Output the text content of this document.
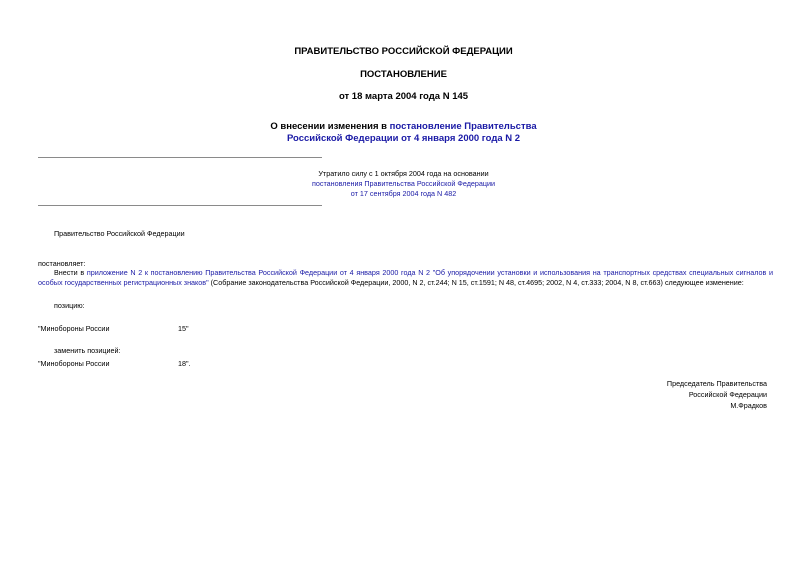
ПРАВИТЕЛЬСТВО РОССИЙСКОЙ ФЕДЕРАЦИИ
ПОСТАНОВЛЕНИЕ
от 18 марта 2004 года N 145
О внесении изменения в постановление Правительства
Российской Федерации от 4 января 2000 года N 2
Утратило силу с 1 октября 2004 года на основании
постановления Правительства Российской Федерации
от 17 сентября 2004 года N 482
Правительство Российской Федерации
постановляет:
Внести в приложение N 2 к постановлению Правительства Российской Федерации от 4 января 2000 года N 2 "Об упорядочении установки и использования на транспортных средствах специальных сигналов и особых государственных регистрационных знаков" (Собрание законодательства Российской Федерации, 2000, N 2, ст.244; N 15, ст.1591; N 48, ст.4695; 2002, N 4, ст.333; 2004, N 8, ст.663) следующее изменение:
позицию:
"Минобороны России	15"
заменить позицией:
"Минобороны России	18".
Председатель Правительства
Российской Федерации
М.Фрадков
